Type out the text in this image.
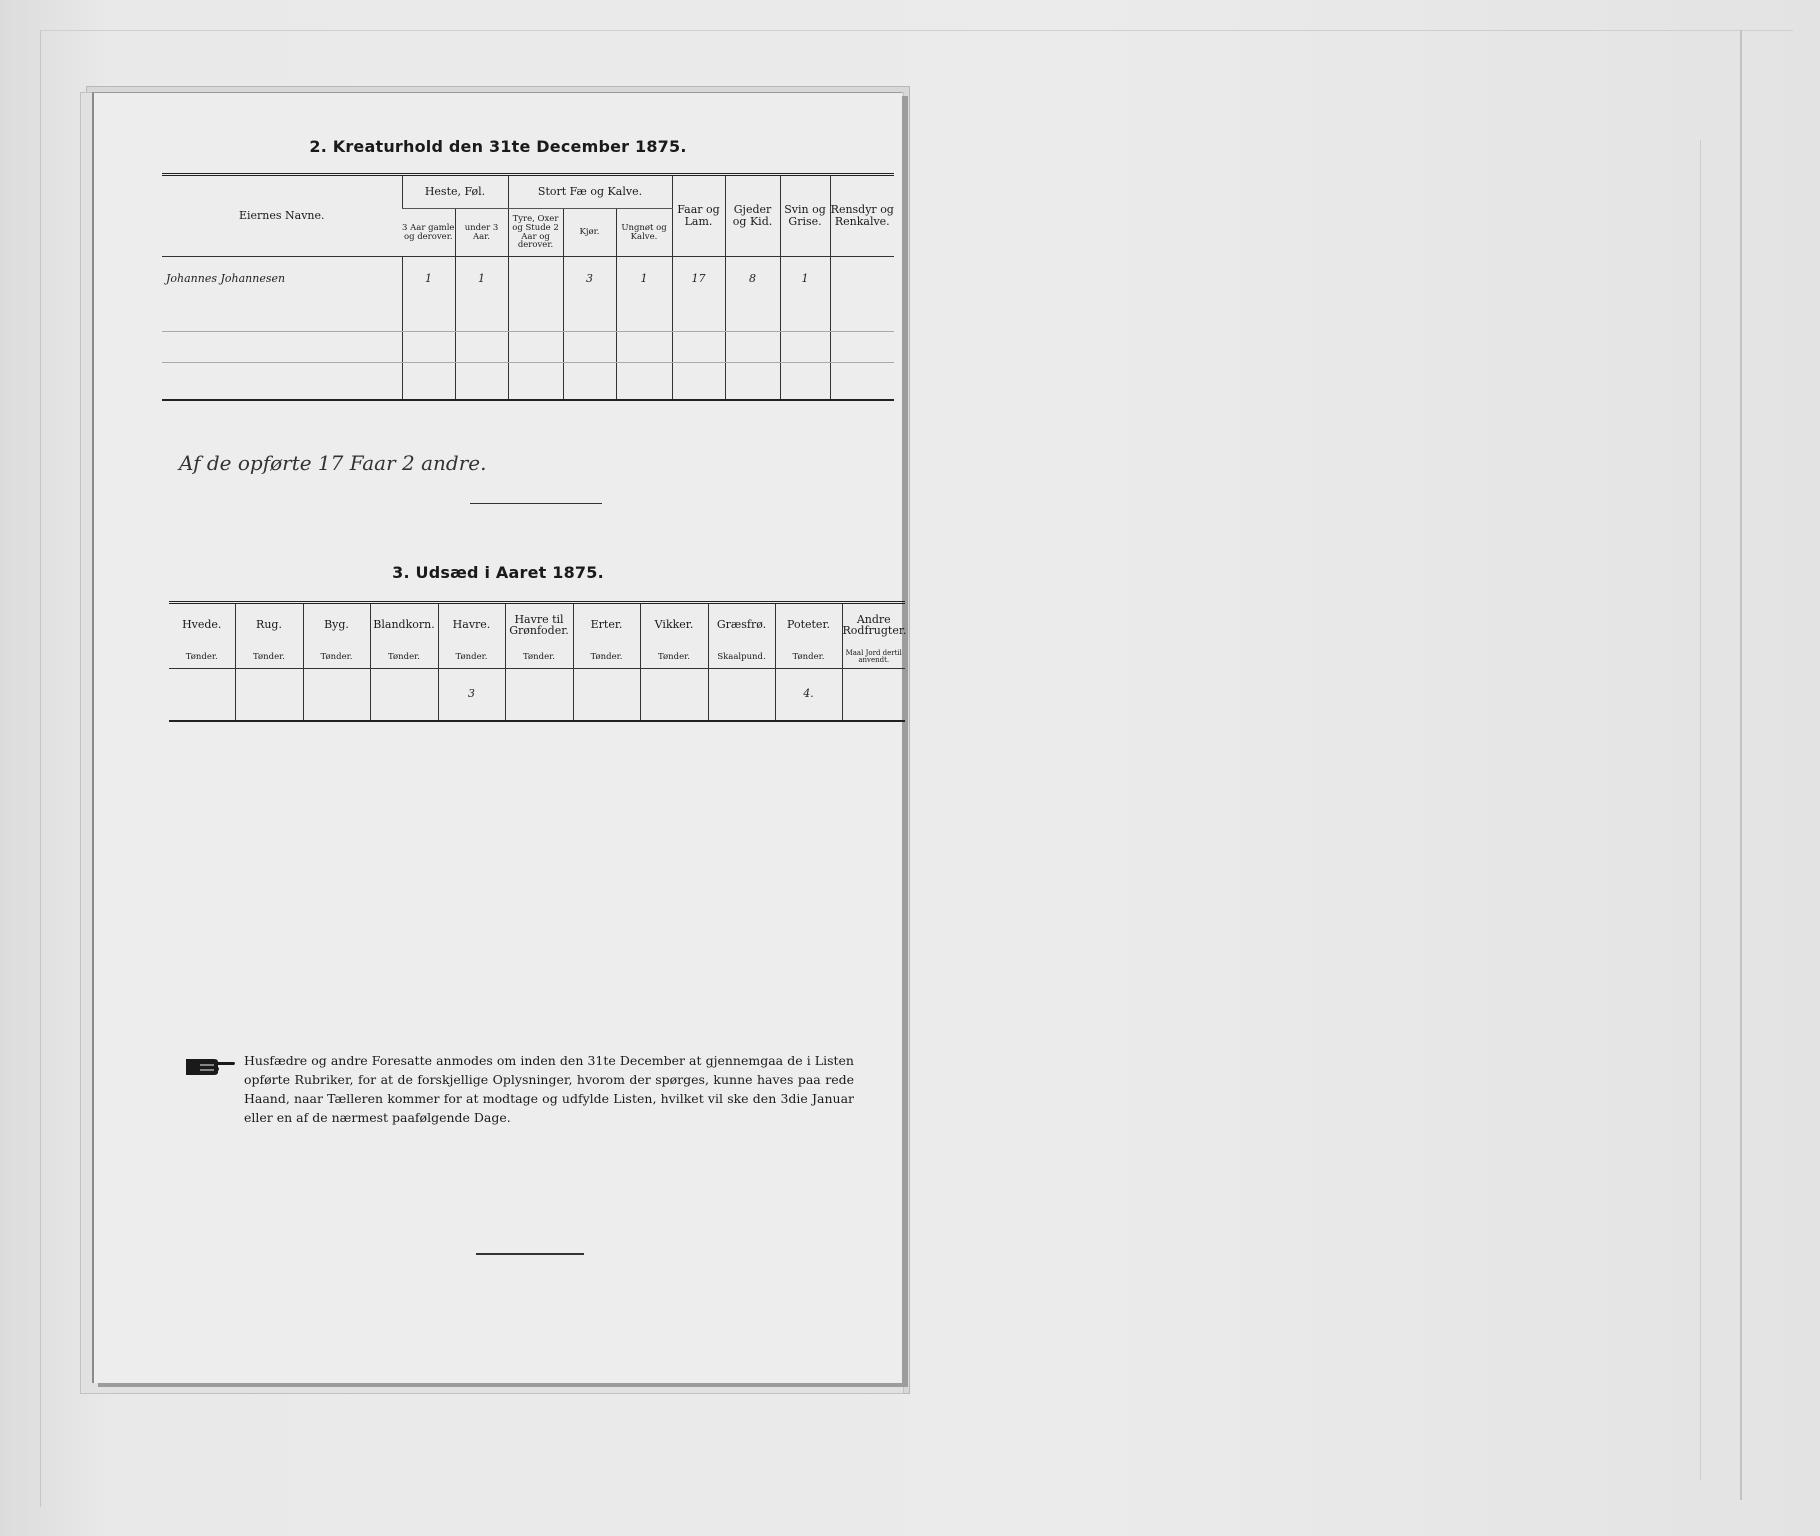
2. Kreaturhold den 31te December 1875.
Eiernes Navne.	Heste, Føl.		Stort Fæ og Kalve.			Faar og Lam.	Gjeder og Kid.	Svin og Grise.	Rensdyr og Renkalve.
	3 Aar gamle og derover.	under 3 Aar.	Tyre, Oxer og Stude 2 Aar og derover.	Kjør.	Ungnøt og Kalve.				
Johannes Johannesen	1	1		3	1	17	8	1	

Af de opførte 17 Faar 2 andre.
3. Udsæd i Aaret 1875.
Hvede.	Rug.	Byg.	Blandkorn.	Havre.	Havre til Grønfoder.	Erter.	Vikker.	Græsfrø.	Poteter.	Andre Rodfrugter.
Tønder.	Tønder.	Tønder.	Tønder.	Tønder.	Tønder.	Tønder.	Tønder.	Skaalpund.	Tønder.	Maal Jord dertil anvendt.
				3					4.	
Husfædre og andre Foresatte anmodes om inden den 31te December at gjennemgaa de i Listen opførte Rubriker, for at de forskjellige Oplysninger, hvorom der spørges, kunne haves paa rede Haand, naar Tælleren kommer for at modtage og udfylde Listen, hvilket vil ske den 3die Januar eller en af de nærmest paafølgende Dage.
